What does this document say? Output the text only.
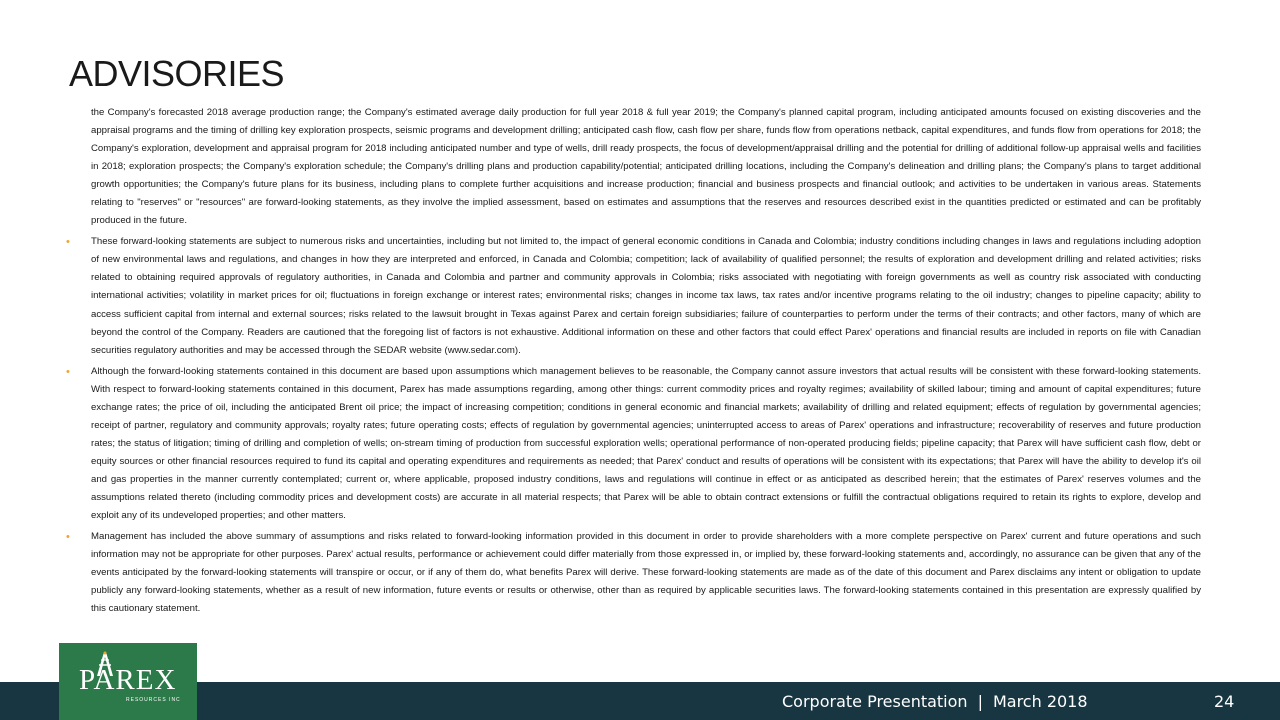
ADVISORIES

the Company's forecasted 2018 average production range; the Company's estimated average daily production for full year 2018 & full year 2019; the Company's planned capital program, including anticipated amounts focused on existing discoveries and the appraisal programs and the timing of drilling key exploration prospects, seismic programs and development drilling; anticipated cash flow, cash flow per share, funds flow from operations netback, capital expenditures, and funds flow from operations for 2018; the Company's exploration, development and appraisal program for 2018 including anticipated number and type of wells, drill ready prospects, the focus of development/appraisal drilling and the potential for drilling of additional follow-up appraisal wells and facilities in 2018; exploration prospects; the Company's exploration schedule; the Company's drilling plans and production capability/potential; anticipated drilling locations, including the Company's delineation and drilling plans; the Company's plans to target additional growth opportunities; the Company's future plans for its business, including plans to complete further acquisitions and increase production; financial and business prospects and financial outlook; and activities to be undertaken in various areas. Statements relating to "reserves" or "resources" are forward-looking statements, as they involve the implied assessment, based on estimates and assumptions that the reserves and resources described exist in the quantities predicted or estimated and can be profitably produced in the future.

• These forward-looking statements are subject to numerous risks and uncertainties, including but not limited to, the impact of general economic conditions in Canada and Colombia; industry conditions including changes in laws and regulations including adoption of new environmental laws and regulations, and changes in how they are interpreted and enforced, in Canada and Colombia; competition; lack of availability of qualified personnel; the results of exploration and development drilling and related activities; risks related to obtaining required approvals of regulatory authorities, in Canada and Colombia and partner and community approvals in Colombia; risks associated with negotiating with foreign governments as well as country risk associated with conducting international activities; volatility in market prices for oil; fluctuations in foreign exchange or interest rates; environmental risks; changes in income tax laws, tax rates and/or incentive programs relating to the oil industry; changes to pipeline capacity; ability to access sufficient capital from internal and external sources; risks related to the lawsuit brought in Texas against Parex and certain foreign subsidiaries; failure of counterparties to perform under the terms of their contracts; and other factors, many of which are beyond the control of the Company. Readers are cautioned that the foregoing list of factors is not exhaustive. Additional information on these and other factors that could effect Parex' operations and financial results are included in reports on file with Canadian securities regulatory authorities and may be accessed through the SEDAR website (www.sedar.com).

• Although the forward-looking statements contained in this document are based upon assumptions which management believes to be reasonable, the Company cannot assure investors that actual results will be consistent with these forward-looking statements. With respect to forward-looking statements contained in this document, Parex has made assumptions regarding, among other things: current commodity prices and royalty regimes; availability of skilled labour; timing and amount of capital expenditures; future exchange rates; the price of oil, including the anticipated Brent oil price; the impact of increasing competition; conditions in general economic and financial markets; availability of drilling and related equipment; effects of regulation by governmental agencies; receipt of partner, regulatory and community approvals; royalty rates; future operating costs; effects of regulation by governmental agencies; uninterrupted access to areas of Parex' operations and infrastructure; recoverability of reserves and future production rates; the status of litigation; timing of drilling and completion of wells; on-stream timing of production from successful exploration wells; operational performance of non-operated producing fields; pipeline capacity; that Parex will have sufficient cash flow, debt or equity sources or other financial resources required to fund its capital and operating expenditures and requirements as needed; that Parex' conduct and results of operations will be consistent with its expectations; that Parex will have the ability to develop it's oil and gas properties in the manner currently contemplated; current or, where applicable, proposed industry conditions, laws and regulations will continue in effect or as anticipated as described herein; that the estimates of Parex' reserves volumes and the assumptions related thereto (including commodity prices and development costs) are accurate in all material respects; that Parex will be able to obtain contract extensions or fulfill the contractual obligations required to retain its rights to explore, develop and exploit any of its undeveloped properties; and other matters.

• Management has included the above summary of assumptions and risks related to forward-looking information provided in this document in order to provide shareholders with a more complete perspective on Parex' current and future operations and such information may not be appropriate for other purposes. Parex' actual results, performance or achievement could differ materially from those expressed in, or implied by, these forward-looking statements and, accordingly, no assurance can be given that any of the events anticipated by the forward-looking statements will transpire or occur, or if any of them do, what benefits Parex will derive. These forward-looking statements are made as of the date of this document and Parex disclaims any intent or obligation to update publicly any forward-looking statements, whether as a result of new information, future events or results or otherwise, other than as required by applicable securities laws. The forward-looking statements contained in this presentation are expressly qualified by this cautionary statement.

Corporate Presentation | March 2018	24
PAREX
RESOURCES INC
